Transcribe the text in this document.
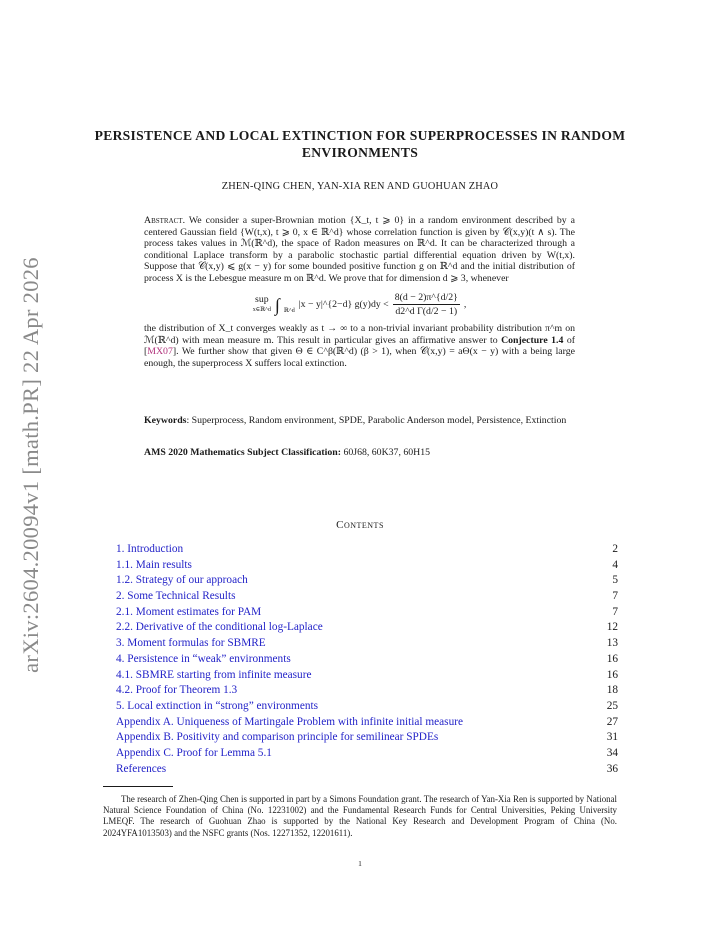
arXiv:2604.20094v1 [math.PR] 22 Apr 2026
PERSISTENCE AND LOCAL EXTINCTION FOR SUPERPROCESSES IN RANDOM ENVIRONMENTS
ZHEN-QING CHEN, YAN-XIA REN AND GUOHUAN ZHAO

Abstract. We consider a super-Brownian motion {X_t, t ⩾ 0} in a random environment described by a centered Gaussian field {W(t,x), t ⩾ 0, x ∈ ℝ^d} whose correlation function is given by 𝒞(x,y)(t ∧ s). The process takes values in ℳ(ℝ^d), the space of Radon measures on ℝ^d. It can be characterized through a conditional Laplace transform by a parabolic stochastic partial differential equation driven by W(t,x). Suppose that 𝒞(x,y) ⩽ g(x − y) for some bounded positive function g on ℝ^d and the initial distribution of process X is the Lebesgue measure m on ℝ^d. We prove that for dimension d ⩾ 3, whenever

sup
x∈ℝ^d ∫ ℝ^d
|x − y|^{2−d} $g(y)dy < \frac{8(d - 2)\pi\^{}\{d/2\}}{\text{d2\textasciicircum{}d Γ(d/2 − 1)}}$ ,

the distribution of X_t converges weakly as t → ∞ to a non-trivial invariant probability distribution π^m on ℳ(ℝ^d) with mean measure m. This result in particular gives an affirmative answer to Conjecture 1.4 of [MX07]. We further show that given Θ ∈ C^β(ℝ^d) (β > 1), when 𝒞(x,y) = aΘ(x − y) with a being large enough, the superprocess X suffers local extinction.

Keywords: Superprocess, Random environment, SPDE, Parabolic Anderson model, Persistence, Extinction
AMS 2020 Mathematics Subject Classification: 60J68, 60K37, 60H15
Contents
1. Introduction	2
1.1. Main results	4
1.2. Strategy of our approach	5
2. Some Technical Results	7
2.1. Moment estimates for PAM	7
2.2. Derivative of the conditional log-Laplace	12
3. Moment formulas for SBMRE	13
4. Persistence in “weak” environments	16
4.1. SBMRE starting from infinite measure	16
4.2. Proof for Theorem 1.3	18
5. Local extinction in “strong” environments	25
Appendix A. Uniqueness of Martingale Problem with infinite initial measure	27
Appendix B. Positivity and comparison principle for semilinear SPDEs	31
Appendix C. Proof for Lemma 5.1	34
References	36

The research of Zhen-Qing Chen is supported in part by a Simons Foundation grant. The research of Yan-Xia Ren is supported by National Natural Science Foundation of China (No. 12231002) and the Fundamental Research Funds for Central Universities, Peking University LMEQF. The research of Guohuan Zhao is supported by the National Key Research and Development Program of China (No. 2024YFA1013503) and the NSFC grants (Nos. 12271352, 12201611).

1
